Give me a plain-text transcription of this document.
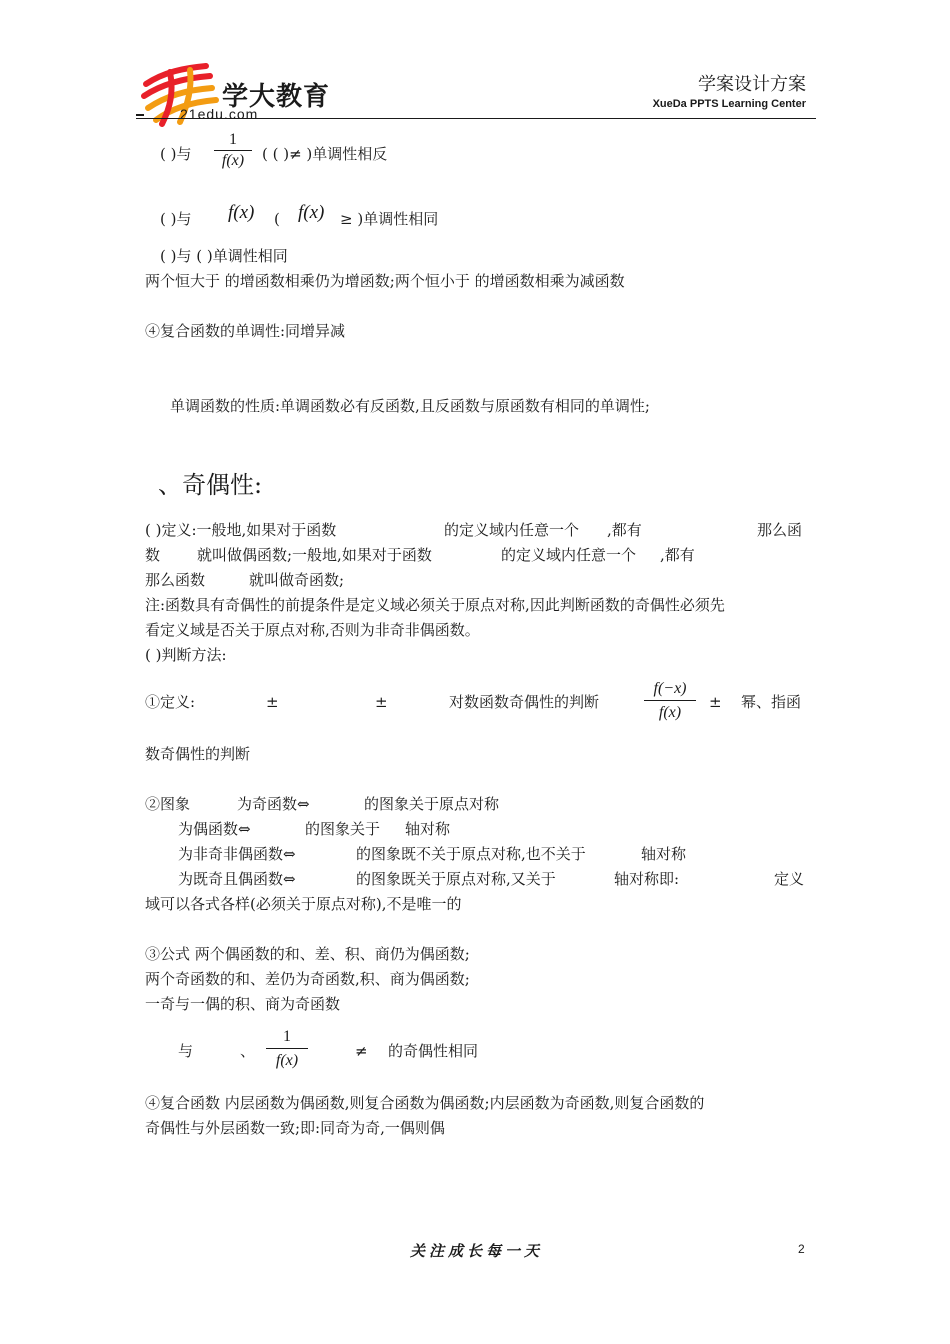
学大教育
21edu.com
学案设计方案
XueDa PPTS Learning Center
( )与 $\frac{1}{f(x)}$ ( ( )≠ )单调性相反
( )与 f(x) ( f(x) ≥ )单调性相同
( )与 ( )单调性相同
两个恒大于 的增函数相乘仍为增函数;两个恒小于 的增函数相乘为减函数
④复合函数的单调性:同增异减
单调函数的性质:单调函数必有反函数,且反函数与原函数有相同的单调性;
、奇偶性:
( )定义:一般地,如果对于函数	的定义域内任意一个 ,都有	那么函
数 就叫做偶函数;一般地,如果对于函数	的定义域内任意一个 ,都有
那么函数	就叫做奇函数;
注:函数具有奇偶性的前提条件是定义域必须关于原点对称,因此判断函数的奇偶性必须先
看定义域是否关于原点对称,否则为非奇非偶函数。
( )判断方法:
①定义:	±	±	对数函数奇偶性的判断	$\frac{f(-x)}{f(x)}$ ± 幂、指函
数奇偶性的判断
②图象	为奇函数⇔	的图象关于原点对称
为偶函数⇔	的图象关于 轴对称
为非奇非偶函数⇔	的图象既不关于原点对称,也不关于	轴对称
为既奇且偶函数⇔	的图象既关于原点对称,又关于	轴对称即:	定义
域可以各式各样(必须关于原点对称),不是唯一的
③公式 两个偶函数的和、差、积、商仍为偶函数;
两个奇函数的和、差仍为奇函数,积、商为偶函数;
一奇与一偶的积、商为奇函数
与	、 $\frac{1}{f(x)}$	≠ 的奇偶性相同
④复合函数 内层函数为偶函数,则复合函数为偶函数;内层函数为奇函数,则复合函数的
奇偶性与外层函数一致;即:同奇为奇,一偶则偶
关注成长每一天	2
